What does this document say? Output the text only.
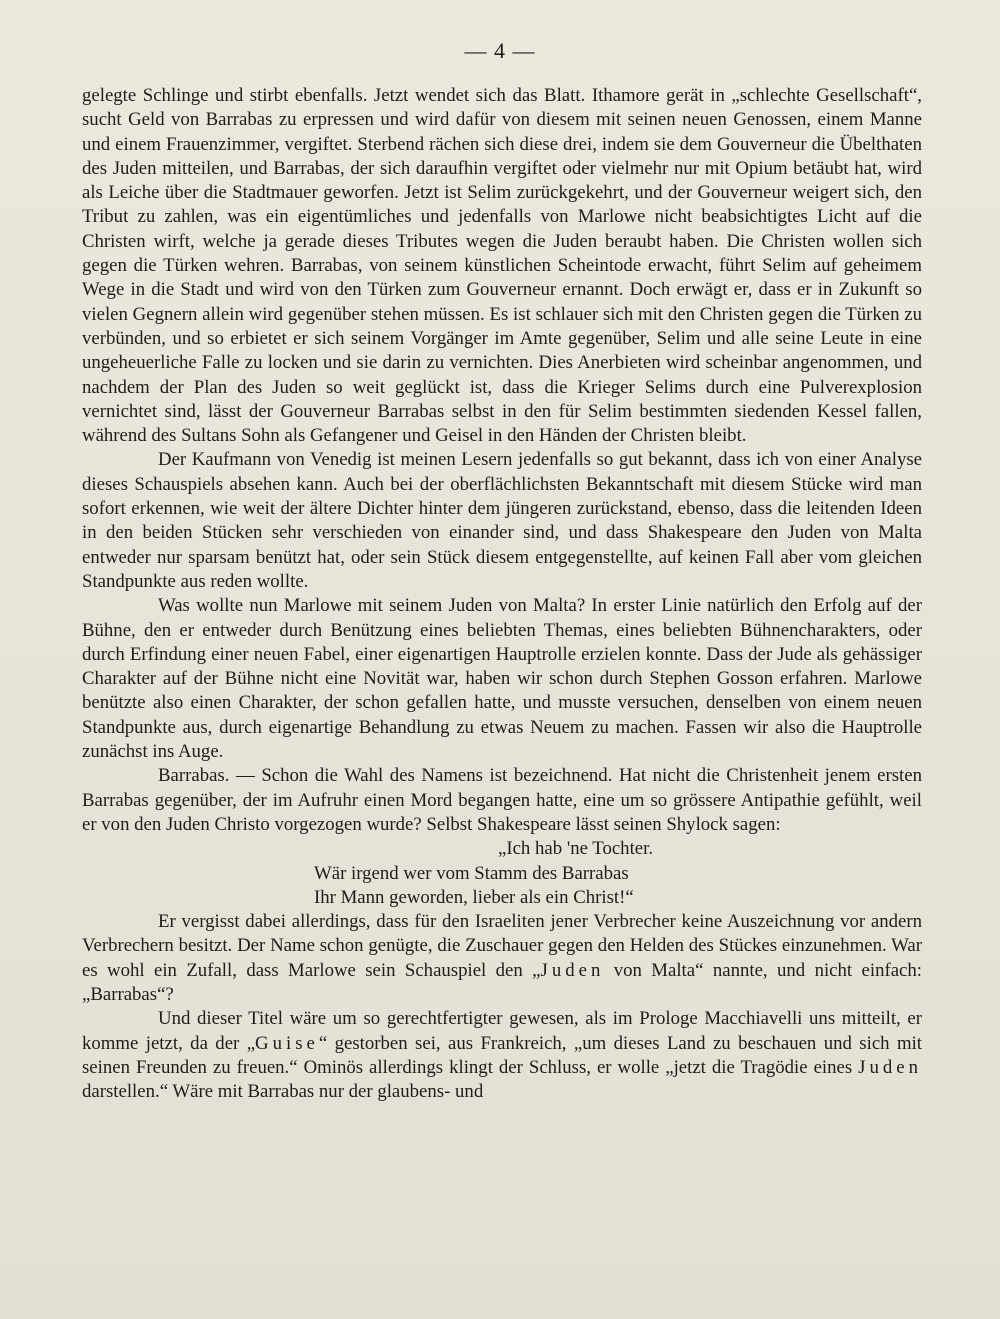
— 4 —

gelegte Schlinge und stirbt ebenfalls. Jetzt wendet sich das Blatt. Ithamore gerät in „schlechte Gesellschaft“, sucht Geld von Barrabas zu erpressen und wird dafür von diesem mit seinen neuen Genossen, einem Manne und einem Frauenzimmer, vergiftet. Sterbend rächen sich diese drei, indem sie dem Gouverneur die Übelthaten des Juden mitteilen, und Barrabas, der sich daraufhin vergiftet oder vielmehr nur mit Opium betäubt hat, wird als Leiche über die Stadtmauer geworfen. Jetzt ist Selim zurückgekehrt, und der Gouverneur weigert sich, den Tribut zu zahlen, was ein eigentümliches und jedenfalls von Marlowe nicht beabsichtigtes Licht auf die Christen wirft, welche ja gerade dieses Tributes wegen die Juden beraubt haben. Die Christen wollen sich gegen die Türken wehren. Barrabas, von seinem künstlichen Scheintode erwacht, führt Selim auf geheimem Wege in die Stadt und wird von den Türken zum Gouverneur ernannt. Doch erwägt er, dass er in Zukunft so vielen Gegnern allein wird gegenüber stehen müssen. Es ist schlauer sich mit den Christen gegen die Türken zu verbünden, und so erbietet er sich seinem Vorgänger im Amte gegenüber, Selim und alle seine Leute in eine ungeheuerliche Falle zu locken und sie darin zu vernichten. Dies Anerbieten wird scheinbar angenommen, und nachdem der Plan des Juden so weit geglückt ist, dass die Krieger Selims durch eine Pulverexplosion vernichtet sind, lässt der Gouverneur Barrabas selbst in den für Selim bestimmten siedenden Kessel fallen, während des Sultans Sohn als Gefangener und Geisel in den Händen der Christen bleibt.

Der Kaufmann von Venedig ist meinen Lesern jedenfalls so gut bekannt, dass ich von einer Analyse dieses Schauspiels absehen kann. Auch bei der oberflächlichsten Bekanntschaft mit diesem Stücke wird man sofort erkennen, wie weit der ältere Dichter hinter dem jüngeren zurückstand, ebenso, dass die leitenden Ideen in den beiden Stücken sehr verschieden von einander sind, und dass Shakespeare den Juden von Malta entweder nur sparsam benützt hat, oder sein Stück diesem entgegenstellte, auf keinen Fall aber vom gleichen Standpunkte aus reden wollte.

Was wollte nun Marlowe mit seinem Juden von Malta? In erster Linie natürlich den Erfolg auf der Bühne, den er entweder durch Benützung eines beliebten Themas, eines beliebten Bühnencharakters, oder durch Erfindung einer neuen Fabel, einer eigenartigen Hauptrolle erzielen konnte. Dass der Jude als gehässiger Charakter auf der Bühne nicht eine Novität war, haben wir schon durch Stephen Gosson erfahren. Marlowe benützte also einen Charakter, der schon gefallen hatte, und musste versuchen, denselben von einem neuen Standpunkte aus, durch eigenartige Behandlung zu etwas Neuem zu machen. Fassen wir also die Hauptrolle zunächst ins Auge.

Barrabas. — Schon die Wahl des Namens ist bezeichnend. Hat nicht die Christenheit jenem ersten Barrabas gegenüber, der im Aufruhr einen Mord begangen hatte, eine um so grössere Antipathie gefühlt, weil er von den Juden Christo vorgezogen wurde? Selbst Shakespeare lässt seinen Shylock sagen:

„Ich hab 'ne Tochter.
Wär irgend wer vom Stamm des Barrabas
Ihr Mann geworden, lieber als ein Christ!“

Er vergisst dabei allerdings, dass für den Israeliten jener Verbrecher keine Auszeichnung vor andern Verbrechern besitzt. Der Name schon genügte, die Zuschauer gegen den Helden des Stückes einzunehmen. War es wohl ein Zufall, dass Marlowe sein Schauspiel den „Juden von Malta“ nannte, und nicht einfach: „Barrabas“?

Und dieser Titel wäre um so gerechtfertigter gewesen, als im Prologe Macchiavelli uns mitteilt, er komme jetzt, da der „Guise“ gestorben sei, aus Frankreich, „um dieses Land zu beschauen und sich mit seinen Freunden zu freuen.“ Ominös allerdings klingt der Schluss, er wolle „jetzt die Tragödie eines Juden darstellen.“ Wäre mit Barrabas nur der glaubens- und
